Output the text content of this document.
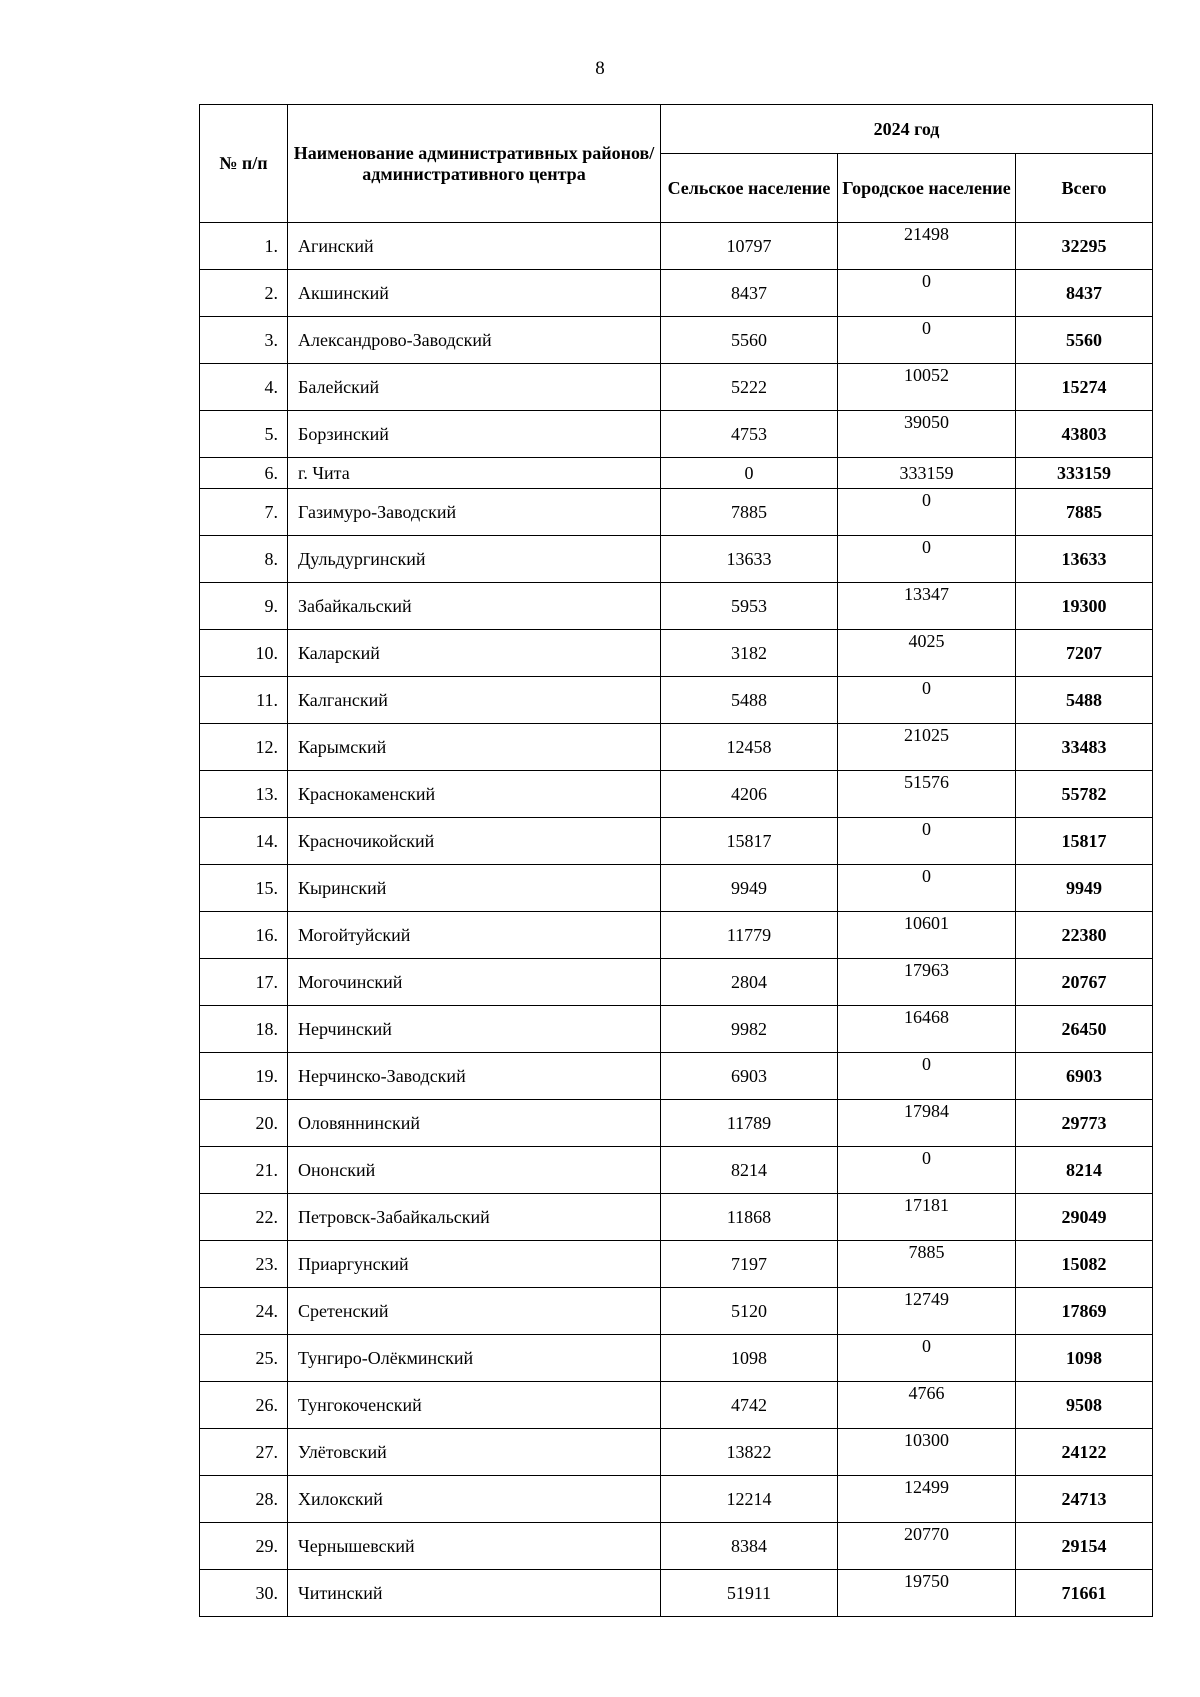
8
№ п/п	Наименование административных районов/административного центра	2024 год		
		Сельское население	Городское население	Всего
1.	Агинский	10797	21498	32295
2.	Акшинский	8437	0	8437
3.	Александрово-Заводский	5560	0	5560
4.	Балейский	5222	10052	15274
5.	Борзинский	4753	39050	43803
6.	г. Чита	0	333159	333159
7.	Газимуро-Заводский	7885	0	7885
8.	Дульдургинский	13633	0	13633
9.	Забайкальский	5953	13347	19300
10.	Каларский	3182	4025	7207
11.	Калганский	5488	0	5488
12.	Карымский	12458	21025	33483
13.	Краснокаменский	4206	51576	55782
14.	Красночикойский	15817	0	15817
15.	Кыринский	9949	0	9949
16.	Могойтуйский	11779	10601	22380
17.	Могочинский	2804	17963	20767
18.	Нерчинский	9982	16468	26450
19.	Нерчинско-Заводский	6903	0	6903
20.	Оловяннинский	11789	17984	29773
21.	Ононский	8214	0	8214
22.	Петровск-Забайкальский	11868	17181	29049
23.	Приаргунский	7197	7885	15082
24.	Сретенский	5120	12749	17869
25.	Тунгиро-Олёкминский	1098	0	1098
26.	Тунгокоченский	4742	4766	9508
27.	Улётовский	13822	10300	24122
28.	Хилокский	12214	12499	24713
29.	Чернышевский	8384	20770	29154
30.	Читинский	51911	19750	71661
